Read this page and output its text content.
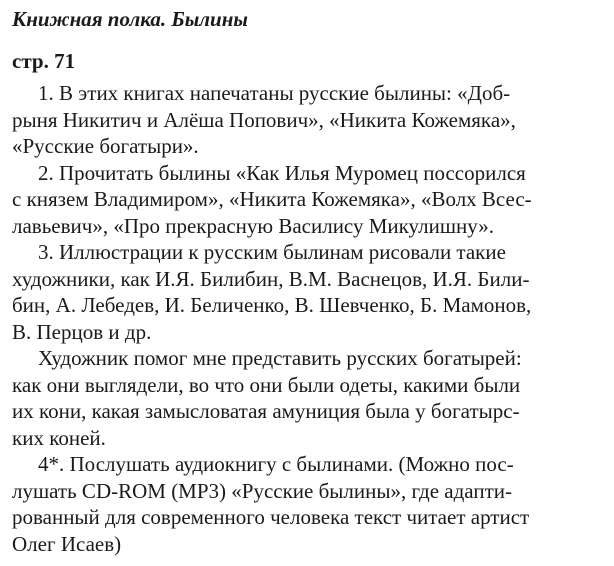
Книжная полка. Былины
стр. 71

1. В этих книгах напечатаны русские былины: «Доб-
рыня Никитич и Алёша Попович», «Никита Кожемяка»,
«Русские богатыри».

2. Прочитать былины «Как Илья Муромец поссорился
с князем Владимиром», «Никита Кожемяка», «Волх Всес-
лавьевич», «Про прекрасную Василису Микулишну».

3. Иллюстрации к русским былинам рисовали такие
художники, как И.Я. Билибин, В.М. Васнецов, И.Я. Били-
бин, А. Лебедев, И. Беличенко, В. Шевченко, Б. Мамонов,
В. Перцов и др.

Художник помог мне представить русских богатырей:
как они выглядели, во что они были одеты, какими были
их кони, какая замысловатая амуниция была у богатырс-
ких коней.

4*. Послушать аудиокнигу с былинами. (Можно пос-
лушать CD-ROM (MP3) «Русские былины», где адапти-
рованный для современного человека текст читает артист
Олег Исаев)
